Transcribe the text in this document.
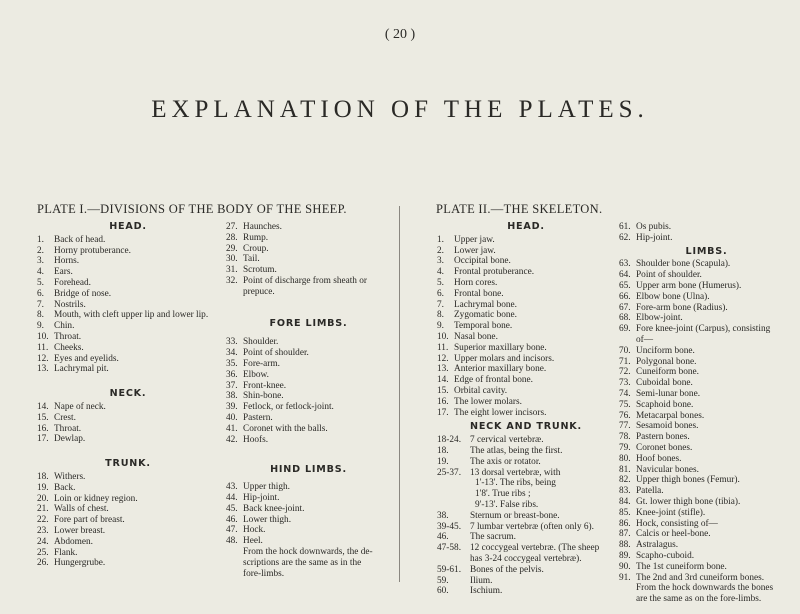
( 20 )
EXPLANATION OF THE PLATES.
PLATE I.—DIVISIONS OF THE BODY OF THE SHEEP.	PLATE II.—THE SKELETON.
HEAD.
1.	Back of head.
2.	Horny protuberance.
3.	Horns.
4.	Ears.
5.	Forehead.
6.	Bridge of nose.
7.	Nostrils.
8.	Mouth, with cleft upper lip and lower lip.
9.	Chin.
10. Throat.
11. Cheeks.
12. Eyes and eyelids.
13. Lachrymal pit.
NECK.
14. Nape of neck.
15. Crest.
16. Throat.
17. Dewlap.
TRUNK.
18. Withers.
19. Back.
20. Loin or kidney region.
21. Walls of chest.
22. Fore part of breast.
23. Lower breast.
24. Abdomen.
25. Flank.
26. Hungergrube.
27. Haunches.
28. Rump.
29. Croup.
30. Tail.
31. Scrotum.
32. Point of discharge from sheath or
prepuce.
FORE LIMBS.
33. Shoulder.
34. Point of shoulder.
35. Fore-arm.
36. Elbow.
37. Front-knee.
38. Shin-bone.
39. Fetlock, or fetlock-joint.
40. Pastern.
41. Coronet with the balls.
42. Hoofs.
HIND LIMBS.
43. Upper thigh.
44. Hip-joint.
45. Back knee-joint.
46. Lower thigh.
47. Hock.
48. Heel.
From the hock downwards, the de-
scriptions are the same as in the
fore-limbs.
HEAD.
1.	Upper jaw.
2.	Lower jaw.
3.	Occipital bone.
4.	Frontal protuberance.
5.	Horn cores.
6.	Frontal bone.
7.	Lachrymal bone.
8.	Zygomatic bone.
9.	Temporal bone.
10. Nasal bone.
11. Superior maxillary bone.
12. Upper molars and incisors.
13. Anterior maxillary bone.
14. Edge of frontal bone.
15. Orbital cavity.
16. The lower molars.
17. The eight lower incisors.
NECK AND TRUNK.
18-24. 7 cervical vertebræ.
18.	The atlas, being the first.
19.	The axis or rotator.
25-37. 13 dorsal vertebræ, with
1'-13'. The ribs, being
1'8'. True ribs ;
9'-13'. False ribs.
38.	Sternum or breast-bone.
39-45. 7 lumbar vertebræ (often only 6).
46.	The sacrum.
47-58. 12 coccygeal vertebræ. (The sheep
has 3-24 coccygeal vertebræ).
59-61. Bones of the pelvis.
59.	Ilium.
60.	Ischium.
61. Os pubis.
62. Hip-joint.
LIMBS.
63. Shoulder bone (Scapula).
64. Point of shoulder.
65. Upper arm bone (Humerus).
66. Elbow bone (Ulna).
67. Fore-arm bone (Radius).
68. Elbow-joint.
69. Fore knee-joint (Carpus), consisting
of—
70. Unciform bone.
71. Polygonal bone.
72. Cuneiform bone.
73. Cuboidal bone.
74. Semi-lunar bone.
75. Scaphoid bone.
76. Metacarpal bones.
77. Sesamoid bones.
78. Pastern bones.
79. Coronet bones.
80. Hoof bones.
81. Navicular bones.
82. Upper thigh bones (Femur).
83. Patella.
84. Gt. lower thigh bone (tibia).
85. Knee-joint (stifle).
86. Hock, consisting of—
87. Calcis or heel-bone.
88. Astralagus.
89. Scapho-cuboid.
90. The 1st cuneiform bone.
91. The 2nd and 3rd cuneiform bones.
From the hock downwards the bones
are the same as on the fore-limbs.
